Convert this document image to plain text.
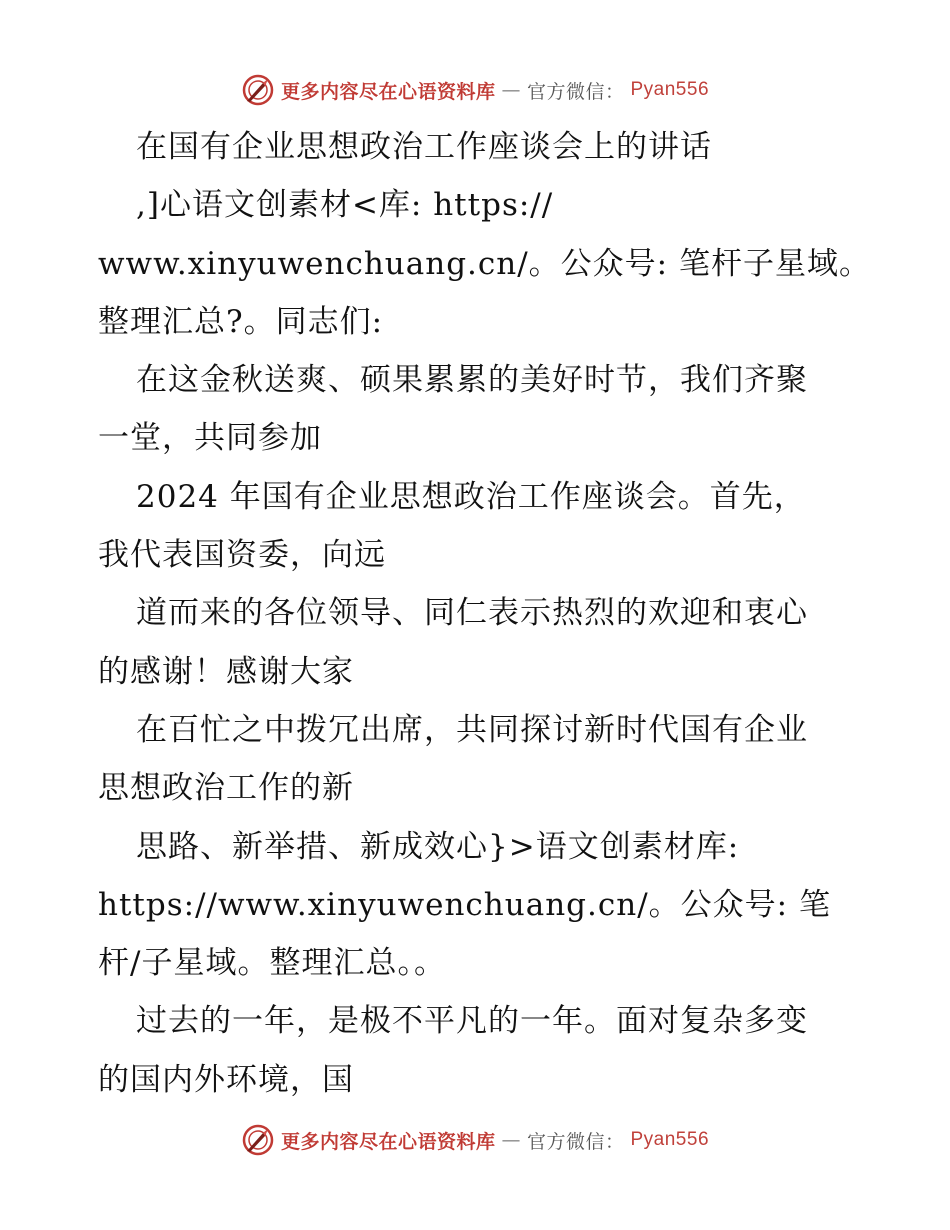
更多内容尽在心语资料库 — 官方微信： Pyan556
在国有企业思想政治工作座谈会上的讲话
,]心语文创素材<库: https://
www.xinyuwenchuang.cn/。公众号: 笔杆子星域。
整理汇总?。同志们:
在这金秋送爽、硕果累累的美好时节，我们齐聚
一堂，共同参加
2024 年国有企业思想政治工作座谈会。首先，
我代表国资委，向远
道而来的各位领导、同仁表示热烈的欢迎和衷心
的感谢！感谢大家
在百忙之中拨冗出席，共同探讨新时代国有企业
思想政治工作的新
思路、新举措、新成效心}>语文创素材库:
https://www.xinyuwenchuang.cn/。公众号: 笔
杆/子星域。整理汇总。。
过去的一年，是极不平凡的一年。面对复杂多变
的国内外环境，国
更多内容尽在心语资料库 — 官方微信： Pyan556
